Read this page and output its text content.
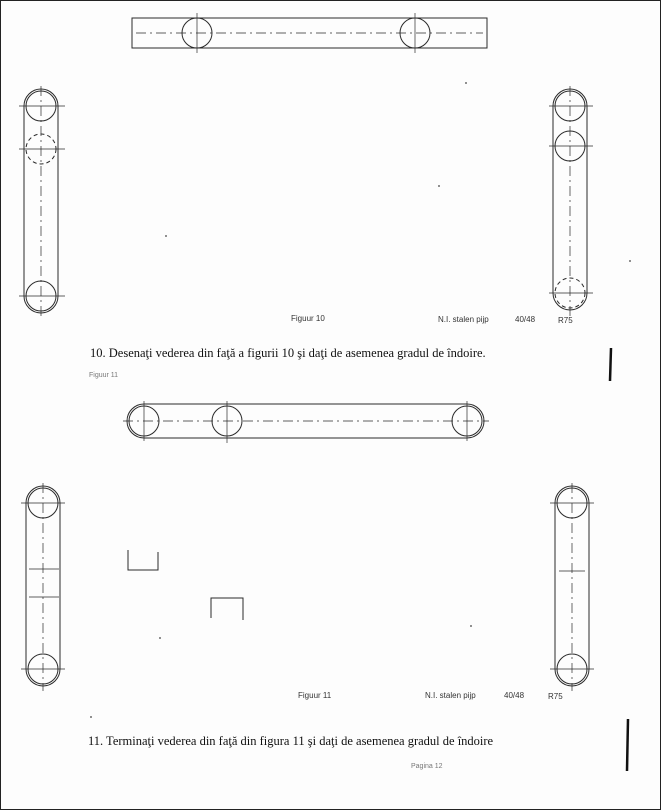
Figuur 10	N.I. stalen pijp	40/48	R75
10. Desenaţi vederea din faţă a figurii 10 şi daţi de asemenea gradul de îndoire.
Figuur 11
Figuur 11	N.I. stalen pijp	40/48	R75
11. Terminaţi vederea din faţă din figura 11 şi daţi de asemenea gradul de îndoire
Pagina 12
